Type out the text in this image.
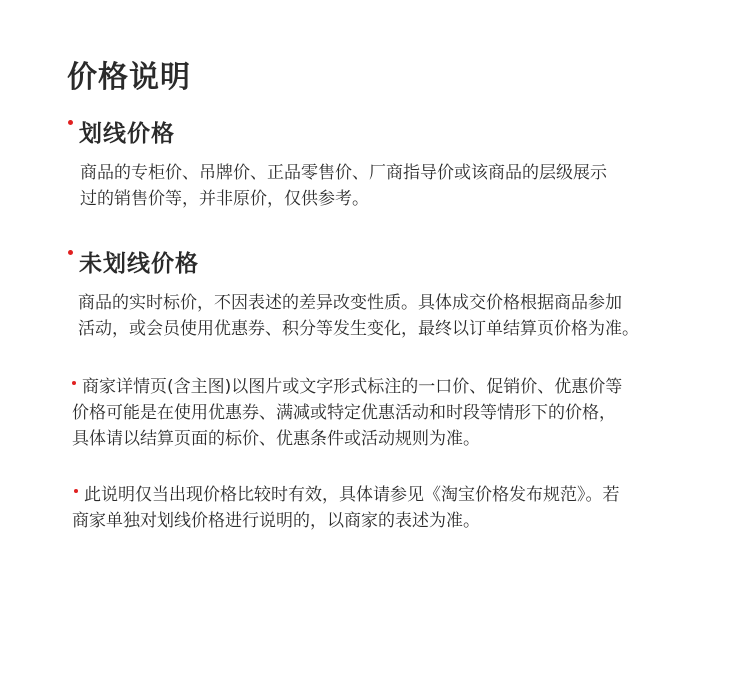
价格说明
划线价格
商品的专柜价、吊牌价、正品零售价、厂商指导价或该商品的层级展示
过的销售价等，并非原价，仅供参考。
未划线价格
商品的实时标价，不因表述的差异改变性质。具体成交价格根据商品参加
活动，或会员使用优惠券、积分等发生变化，最终以订单结算页价格为准。
商家详情页(含主图)以图片或文字形式标注的一口价、促销价、优惠价等
价格可能是在使用优惠券、满减或特定优惠活动和时段等情形下的价格，
具体请以结算页面的标价、优惠条件或活动规则为准。
此说明仅当出现价格比较时有效，具体请参见《淘宝价格发布规范》。若
商家单独对划线价格进行说明的，以商家的表述为准。
